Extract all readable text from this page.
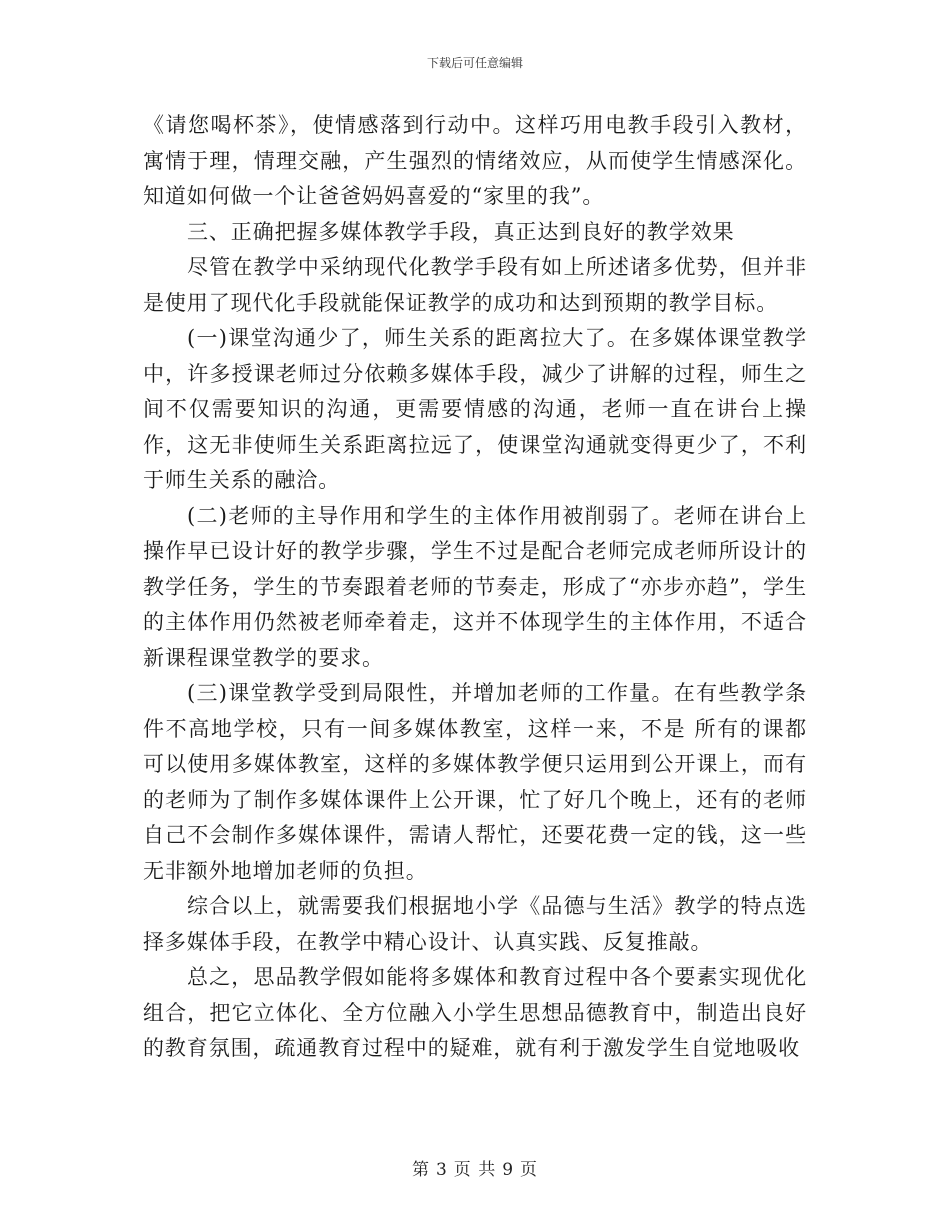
下载后可任意编辑

《请您喝杯茶》，使情感落到行动中。这样巧用电教手段引入教材，寓情于理，情理交融，产生强烈的情绪效应，从而使学生情感深化。知道如何做一个让爸爸妈妈喜爱的“家里的我”。

三、正确把握多媒体教学手段，真正达到良好的教学效果

尽管在教学中采纳现代化教学手段有如上所述诸多优势，但并非是使用了现代化手段就能保证教学的成功和达到预期的教学目标。

(一)课堂沟通少了，师生关系的距离拉大了。在多媒体课堂教学中，许多授课老师过分依赖多媒体手段，减少了讲解的过程，师生之间不仅需要知识的沟通，更需要情感的沟通，老师一直在讲台上操作，这无非使师生关系距离拉远了，使课堂沟通就变得更少了，不利于师生关系的融洽。

(二)老师的主导作用和学生的主体作用被削弱了。老师在讲台上操作早已设计好的教学步骤，学生不过是配合老师完成老师所设计的教学任务，学生的节奏跟着老师的节奏走，形成了“亦步亦趋”，学生的主体作用仍然被老师牵着走，这并不体现学生的主体作用，不适合新课程课堂教学的要求。

(三)课堂教学受到局限性，并增加老师的工作量。在有些教学条件不高地学校，只有一间多媒体教室，这样一来，不是 所有的课都可以使用多媒体教室，这样的多媒体教学便只运用到公开课上，而有的老师为了制作多媒体课件上公开课，忙了好几个晚上，还有的老师自己不会制作多媒体课件，需请人帮忙，还要花费一定的钱，这一些无非额外地增加老师的负担。

综合以上，就需要我们根据地小学《品德与生活》教学的特点选择多媒体手段，在教学中精心设计、认真实践、反复推敲。

总之，思品教学假如能将多媒体和教育过程中各个要素实现优化组合，把它立体化、全方位融入小学生思想品德教育中，制造出良好的教育氛围，疏通教育过程中的疑难，就有利于激发学生自觉地吸收

第 3 页 共 9 页
